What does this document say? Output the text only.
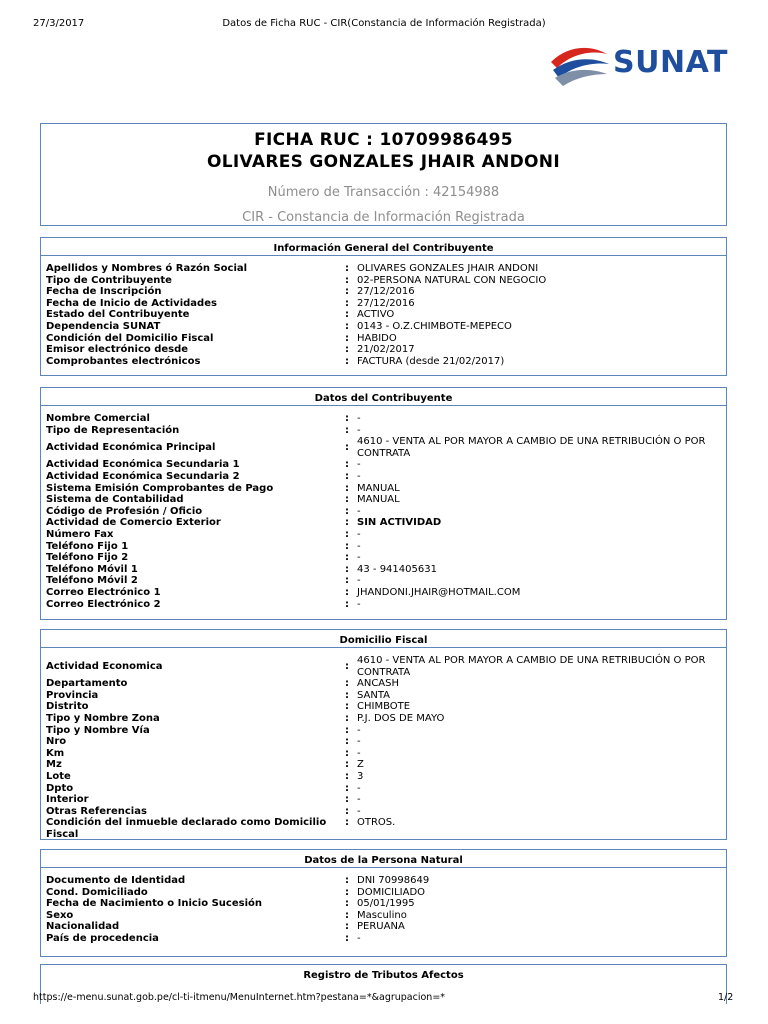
27/3/2017	Datos de Ficha RUC - CIR(Constancia de Información Registrada)
SUNAT
FICHA RUC : 10709986495
OLIVARES GONZALES JHAIR ANDONI
Número de Transacción : 42154988
CIR - Constancia de Información Registrada
Información General del Contribuyente
Apellidos y Nombres ó Razón Social	: OLIVARES GONZALES JHAIR ANDONI
Tipo de Contribuyente	: 02-PERSONA NATURAL CON NEGOCIO
Fecha de Inscripción	: 27/12/2016
Fecha de Inicio de Actividades	: 27/12/2016
Estado del Contribuyente	: ACTIVO
Dependencia SUNAT	: 0143 - O.Z.CHIMBOTE-MEPECO
Condición del Domicilio Fiscal	: HABIDO
Emisor electrónico desde	: 21/02/2017
Comprobantes electrónicos	: FACTURA (desde 21/02/2017)
Datos del Contribuyente
Nombre Comercial	: -
Tipo de Representación	: -
Actividad Económica Principal	:
4610 - VENTA AL POR MAYOR A CAMBIO DE UNA RETRIBUCIÓN O POR CONTRATA
Actividad Económica Secundaria 1	: -
Actividad Económica Secundaria 2	: -
Sistema Emisión Comprobantes de Pago	: MANUAL
Sistema de Contabilidad	: MANUAL
Código de Profesión / Oficio	: -
Actividad de Comercio Exterior	: SIN ACTIVIDAD
Número Fax	: -
Teléfono Fijo 1	: -
Teléfono Fijo 2	: -
Teléfono Móvil 1	: 43 - 941405631
Teléfono Móvil 2	: -
Correo Electrónico 1	: JHANDONI.JHAIR@HOTMAIL.COM
Correo Electrónico 2	: -
Domicilio Fiscal
Actividad Economica	:
4610 - VENTA AL POR MAYOR A CAMBIO DE UNA RETRIBUCIÓN O POR CONTRATA
Departamento	: ANCASH
Provincia	: SANTA
Distrito	: CHIMBOTE
Tipo y Nombre Zona	: P.J. DOS DE MAYO
Tipo y Nombre Vía	: -
Nro	: -
Km	: -
Mz	: Z
Lote	: 3
Dpto	: -
Interior	: -
Otras Referencias	: -
Condición del inmueble declarado como Domicilio Fiscal
: OTROS.
Datos de la Persona Natural
Documento de Identidad	: DNI 70998649
Cond. Domiciliado	: DOMICILIADO
Fecha de Nacimiento o Inicio Sucesión	: 05/01/1995
Sexo	: Masculino
Nacionalidad	: PERUANA
País de procedencia	: -
Registro de Tributos Afectos
https://e-menu.sunat.gob.pe/cl-ti-itmenu/MenuInternet.htm?pestana=*&agrupacion=*	1/2
